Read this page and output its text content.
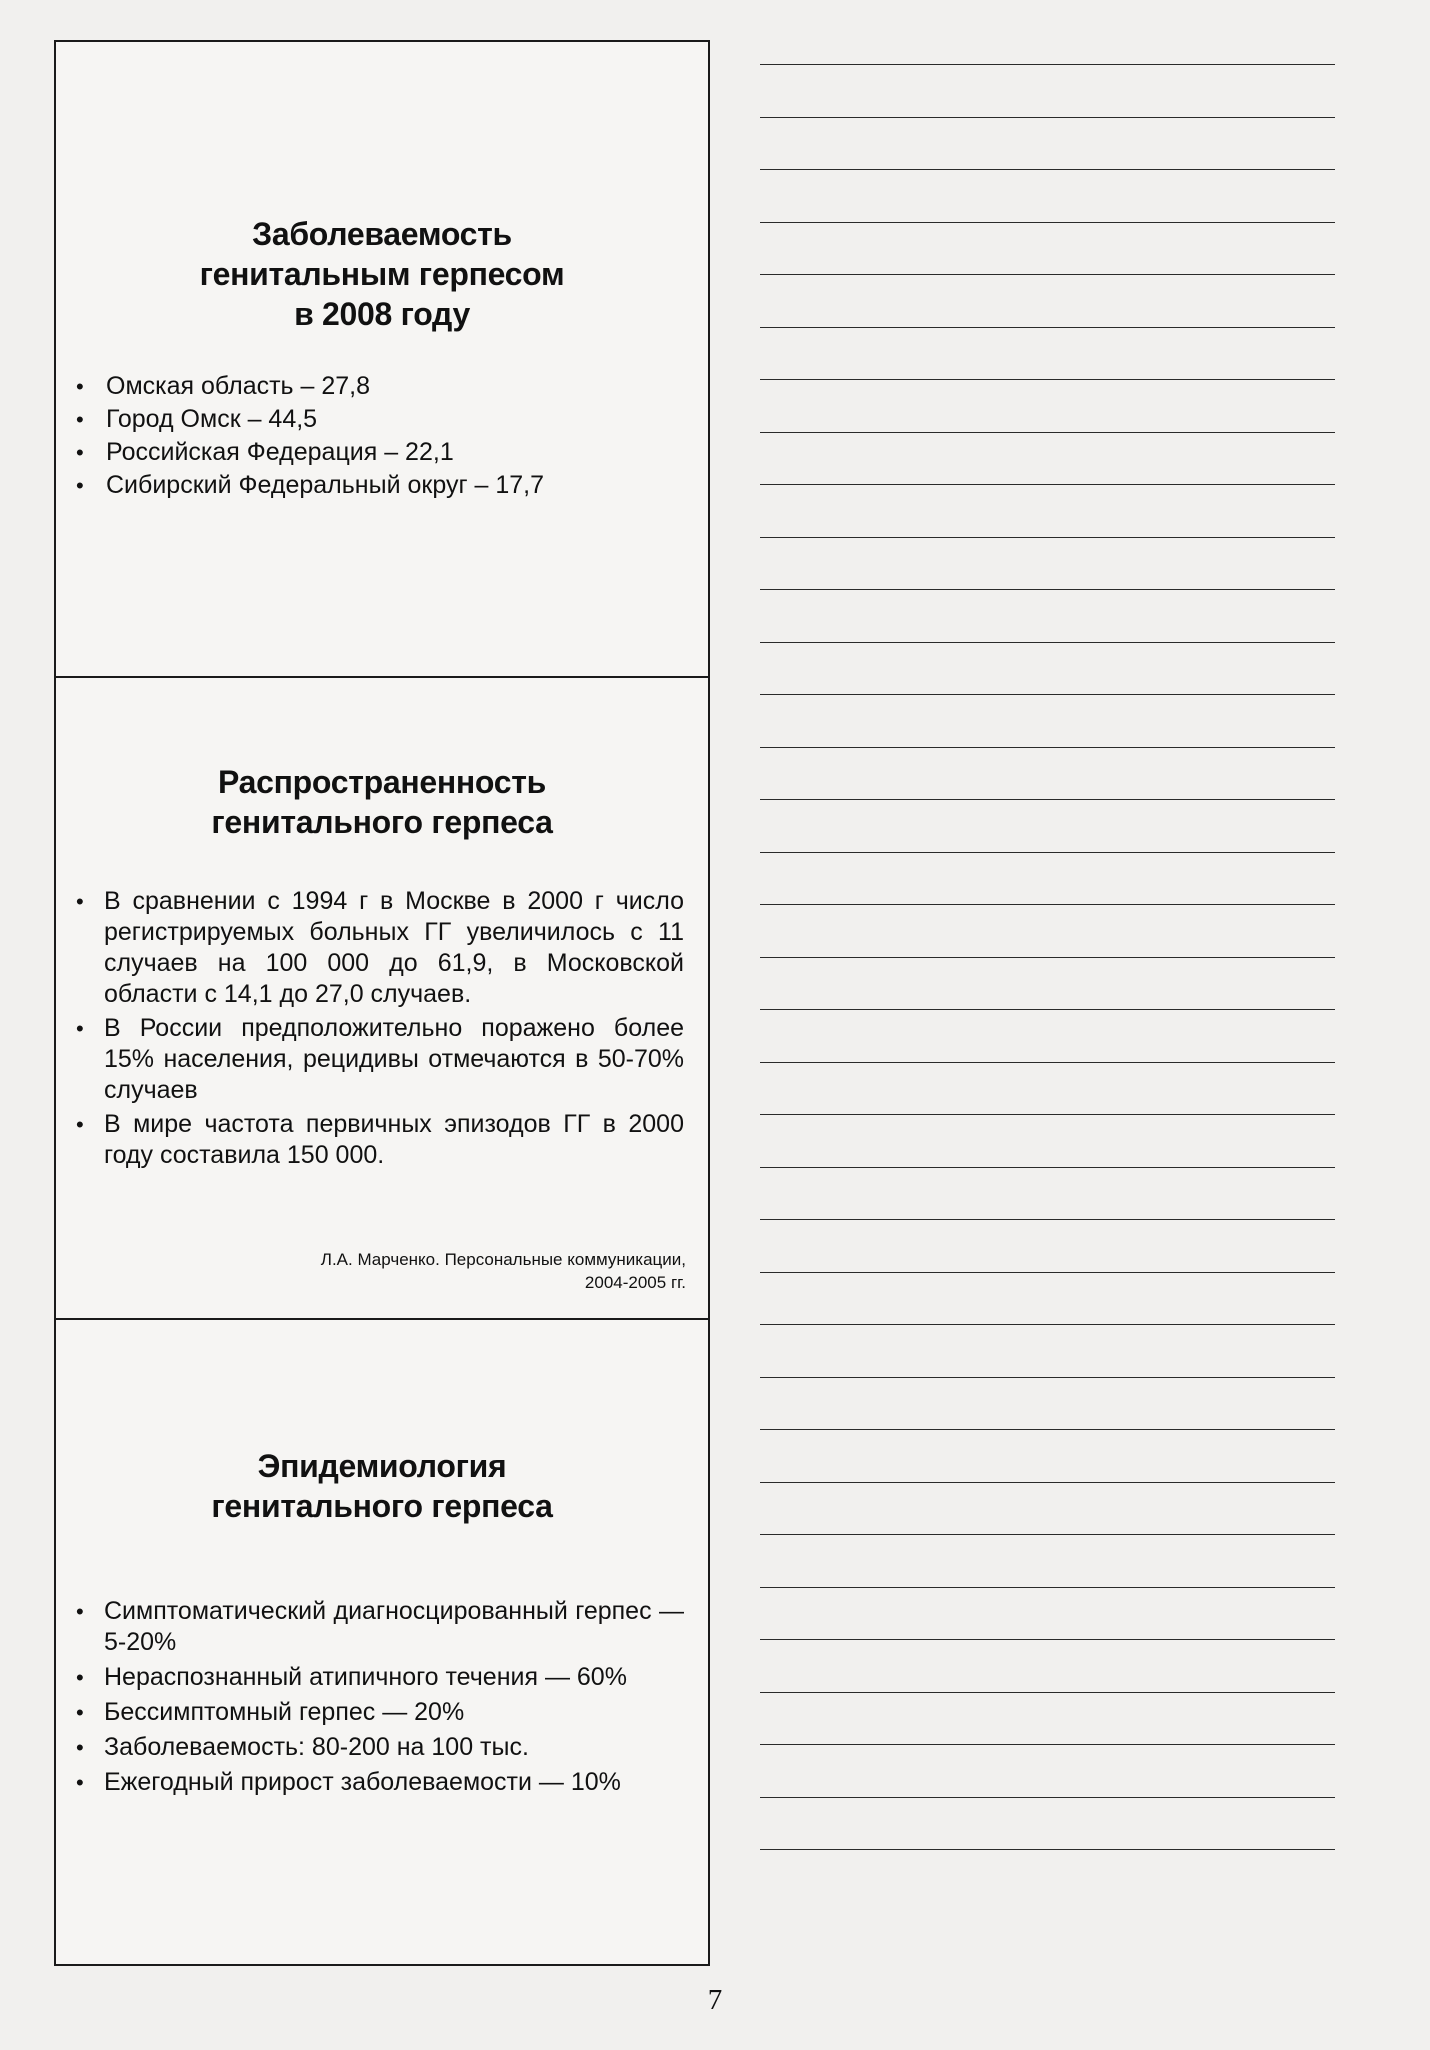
Заболеваемость
генитальным герпесом
в 2008 году
• Омская область – 27,8
• Город Омск – 44,5
• Российская Федерация – 22,1
• Сибирский Федеральный округ – 17,7
Распространенность
генитального герпеса
• В сравнении с 1994 г в Москве в 2000 г число регистрируемых больных ГГ увеличилось с 11 случаев на 100 000 до 61,9, в Московской области с 14,1 до 27,0 случаев.
• В России предположительно поражено более 15% населения, рецидивы отмечаются в 50-70% случаев
• В мире частота первичных эпизодов ГГ в 2000 году составила 150 000.
Л.А. Марченко. Персональные коммуникации,
2004-2005 гг.
Эпидемиология
генитального герпеса
• Симптоматический диагносцированный герпес — 5-20%
• Нераспознанный атипичного течения — 60%
• Бессимптомный герпес — 20%
• Заболеваемость: 80-200 на 100 тыс.
• Ежегодный прирост заболеваемости — 10%
7
